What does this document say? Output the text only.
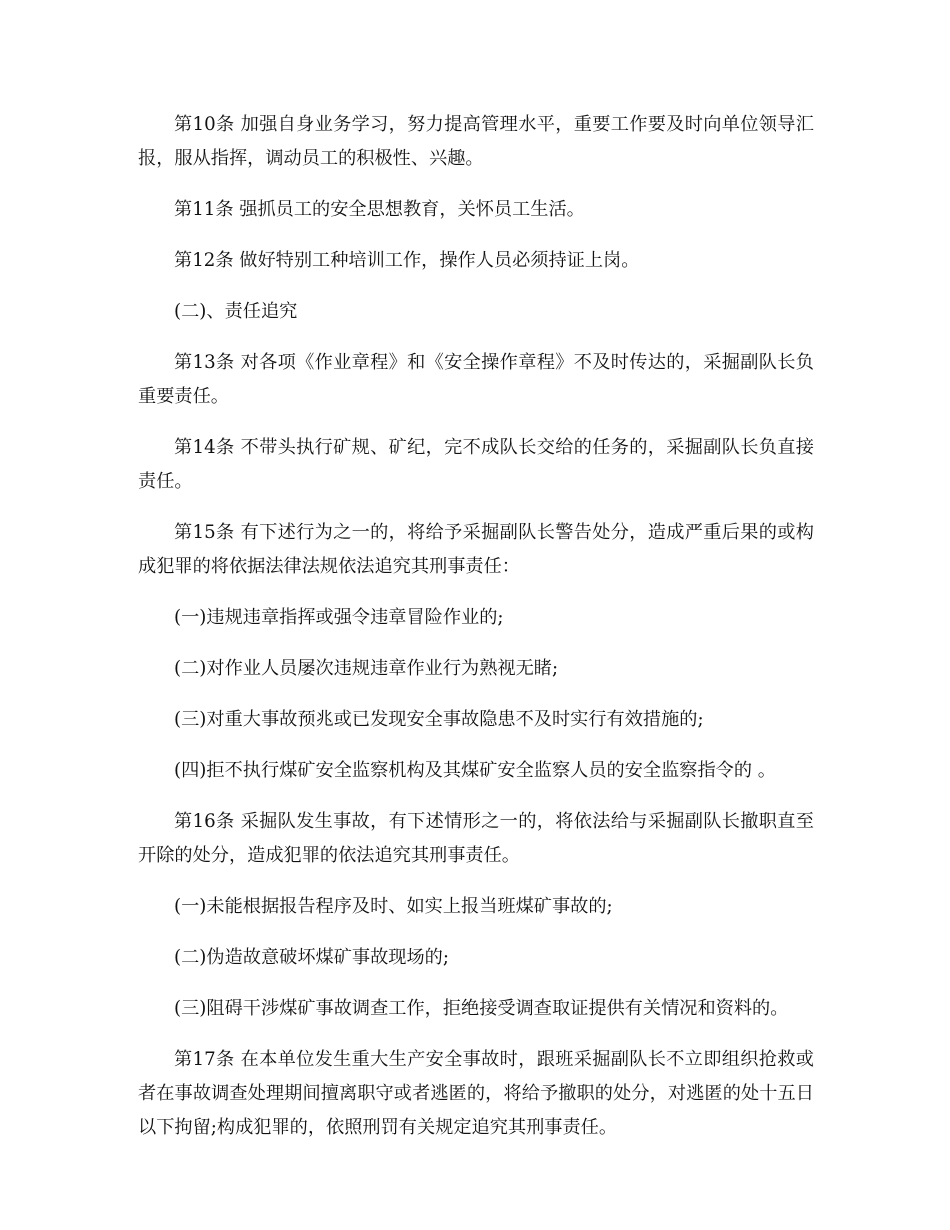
第10条 加强自身业务学习，努力提高管理水平，重要工作要及时向单位领导汇报，服从指挥，调动员工的积极性、兴趣。

第11条 强抓员工的安全思想教育，关怀员工生活。

第12条 做好特别工种培训工作，操作人员必须持证上岗。

(二)、责任追究

第13条 对各项《作业章程》和《安全操作章程》不及时传达的，采掘副队长负重要责任。

第14条 不带头执行矿规、矿纪，完不成队长交给的任务的，采掘副队长负直接责任。

第15条 有下述行为之一的，将给予采掘副队长警告处分，造成严重后果的或构成犯罪的将依据法律法规依法追究其刑事责任：

(一)违规违章指挥或强令违章冒险作业的;

(二)对作业人员屡次违规违章作业行为熟视无睹;

(三)对重大事故预兆或已发现安全事故隐患不及时实行有效措施的;

(四)拒不执行煤矿安全监察机构及其煤矿安全监察人员的安全监察指令的 。

第16条 采掘队发生事故，有下述情形之一的，将依法给与采掘副队长撤职直至开除的处分，造成犯罪的依法追究其刑事责任。

(一)未能根据报告程序及时、如实上报当班煤矿事故的;

(二)伪造故意破坏煤矿事故现场的;

(三)阻碍干涉煤矿事故调查工作，拒绝接受调查取证提供有关情况和资料的。

第17条 在本单位发生重大生产安全事故时，跟班采掘副队长不立即组织抢救或者在事故调查处理期间擅离职守或者逃匿的，将给予撤职的处分，对逃匿的处十五日以下拘留;构成犯罪的，依照刑罚有关规定追究其刑事责任。
